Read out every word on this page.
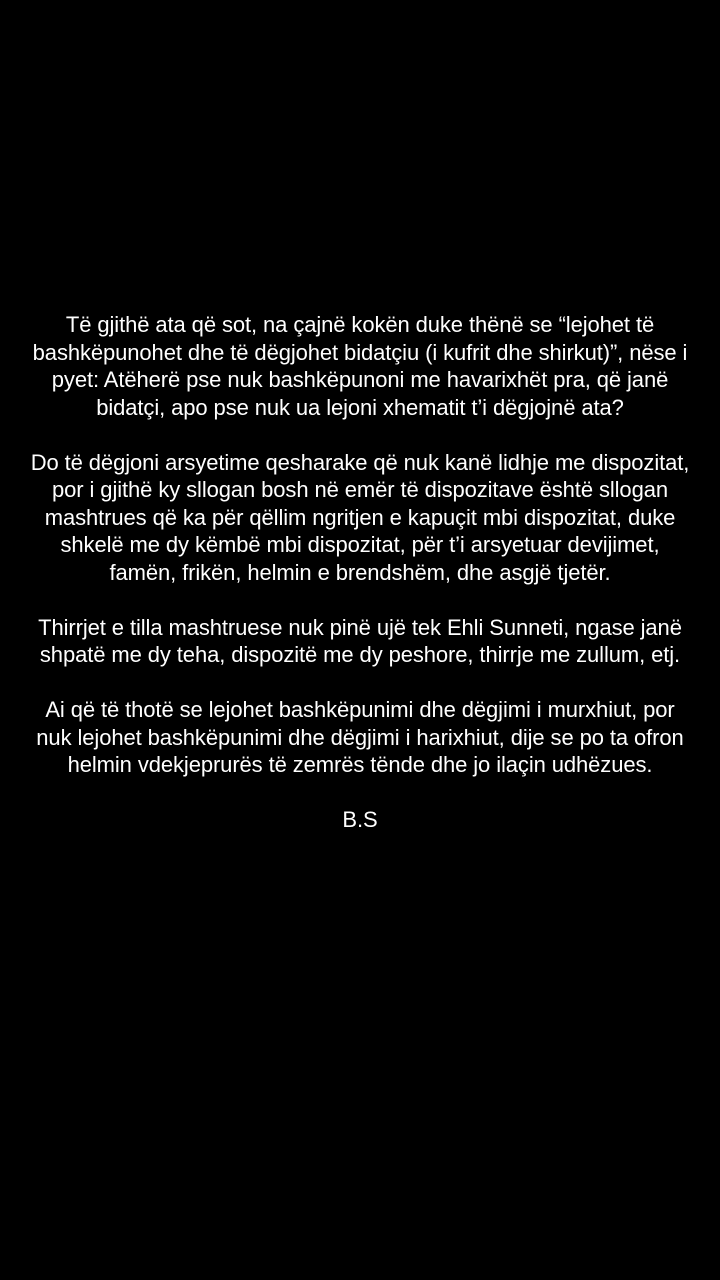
Të gjithë ata që sot, na çajnë kokën duke thënë se “lejohet të bashkëpunohet dhe të dëgjohet bidatçiu (i kufrit dhe shirkut)”, nëse i pyet: Atëherë pse nuk bashkëpunoni me havarixhët pra, që janë bidatçi, apo pse nuk ua lejoni xhematit t’i dëgjojnë ata?

Do të dëgjoni arsyetime qesharake që nuk kanë lidhje me dispozitat, por i gjithë ky sllogan bosh në emër të dispozitave është sllogan mashtrues që ka për qëllim ngritjen e kapuçit mbi dispozitat, duke shkelë me dy këmbë mbi dispozitat, për t’i arsyetuar devijimet, famën, frikën, helmin e brendshëm, dhe asgjë tjetër.

Thirrjet e tilla mashtruese nuk pinë ujë tek Ehli Sunneti, ngase janë shpatë me dy teha, dispozitë me dy peshore, thirrje me zullum, etj.

Ai që të thotë se lejohet bashkëpunimi dhe dëgjimi i murxhiut, por nuk lejohet bashkëpunimi dhe dëgjimi i harixhiut, dije se po ta ofron helmin vdekjeprurës të zemrës tënde dhe jo ilaçin udhëzues.

B.S
